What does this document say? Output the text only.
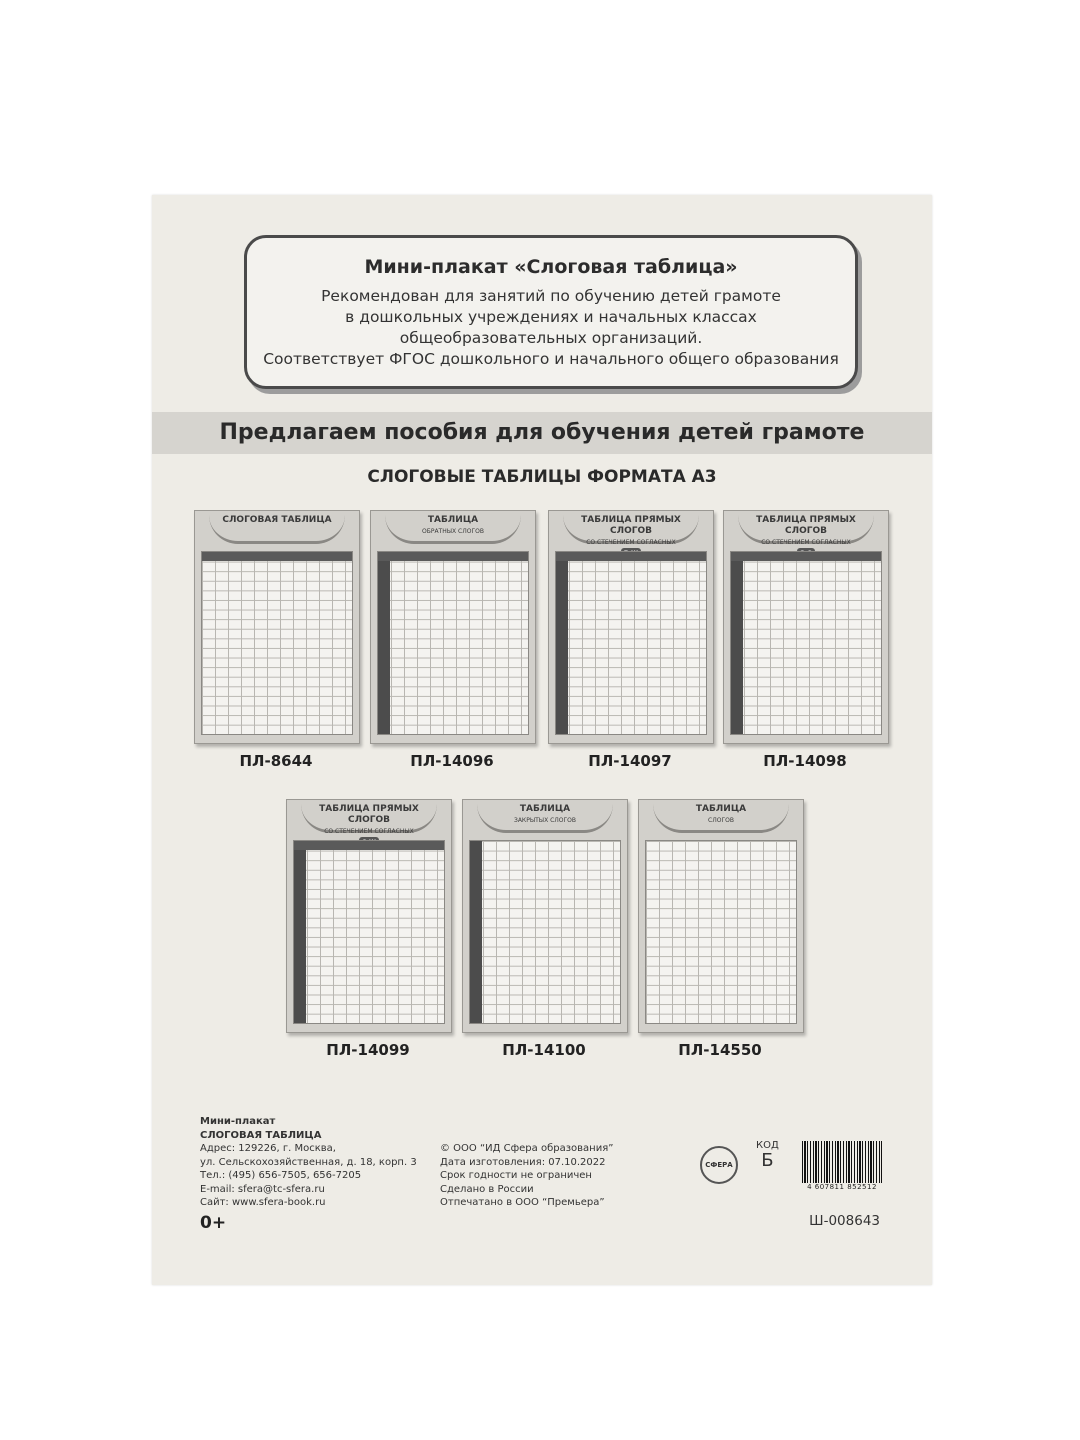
Мини-плакат «Слоговая таблица»
Рекомендован для занятий по обучению детей грамоте
в дошкольных учреждениях и начальных классах
общеобразовательных организаций.
Соответствует ФГОС дошкольного и начального общего образования
Предлагаем пособия для обучения детей грамоте
СЛОГОВЫЕ ТАБЛИЦЫ ФОРМАТА А3
СЛОГОВАЯ ТАБЛИЦА	ТАБЛИЦА
ОБРАТНЫХ СЛОГОВ
ТАБЛИЦА ПРЯМЫХ СЛОГОВ
СО СТЕЧЕНИЕМ СОГЛАСНЫХ
ТАБЛИЦА ПРЯМЫХ СЛОГОВ
СО СТЕЧЕНИЕМ СОГЛАСНЫХ
ПЛ-8644	ПЛ-14096	ПЛ-14097	ПЛ-14098
ТАБЛИЦА ПРЯМЫХ СЛОГОВ
СО СТЕЧЕНИЕМ СОГЛАСНЫХ
ТАБЛИЦА
ЗАКРЫТЫХ СЛОГОВ
ТАБЛИЦА
СЛОГОВ
ПЛ-14099	ПЛ-14100	ПЛ-14550
Мини-плакат
СЛОГОВАЯ ТАБЛИЦА
Адрес: 129226, г. Москва,
ул. Сельскохозяйственная, д. 18, корп. 3
Тел.: (495) 656-7505, 656-7205
E-mail: sfera@tc-sfera.ru
Сайт: www.sfera-book.ru
© ООО “ИД Сфера образования”
Дата изготовления: 07.10.2022
Срок годности не ограничен
Сделано в России
Отпечатано в ООО “Премьера”
СФЕРА
КОД
Б
4 607811 852512
0+	Ш-008643
